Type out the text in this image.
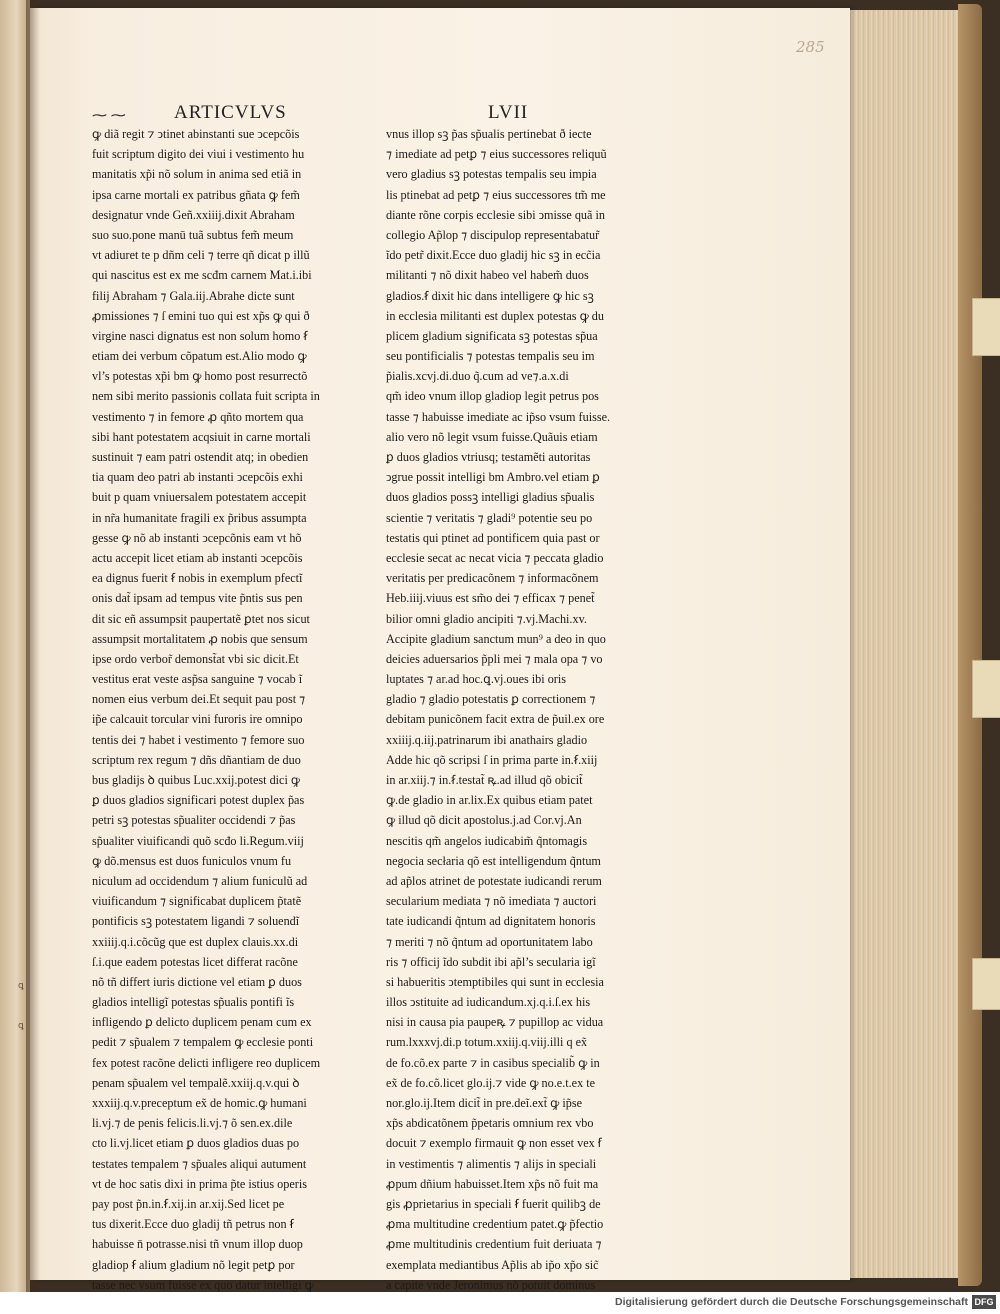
285
⁓ ⁓	ARTICVLVS	LVII
ꝙ diã regit ⁊ ↄtinet abinstanti sue ↄcepcõis
fuit scriptum digito dei viui i vestimento hu
manitatis xp̃i nõ solum in anima sed etiã in
ipsa carne mortali ex patribus gñata ꝙ fem̃
designatur vnde Geñ.xxiiij.dixit Abraham
suo suo.pone manū tuã subtus fem̃ meum
vt adiuret te p dñm celi ⁊ terre qñ dicat p illũ
qui nascitus est ex me scđm carnem Mat.i.ibi
filij Abraham ⁊ Gala.iij.Abrahe dicte sunt
ꝓmissiones ⁊ ſ emini tuo qui est xp̃s ꝙ qui ð
virgine nasci dignatus est non solum homo ẜ
etiam dei verbum cõpatum est.Alio modo ꝙ
vl’s potestas xp̃i bm ꝙ homo post resurrectõ
nem sibi merito passionis collata fuit scripta in
vestimento ⁊ in femore ꝓ qñto mortem qua
sibi hant potestatem acqsiuit in carne mortali
sustinuit ⁊ eam patri ostendit atq; in obedien
tia quam deo patri ab instanti ↄcepcõis exhi
buit p quam vniuersalem potestatem accepit
in nr̃a humanitate fragili ex p̃ribus assumpta
gesse ꝙ nõ ab instanti ↄcepcõnis eam vt hõ
actu accepit licet etiam ab instanti ↄcepcõis
ea dignus fuerit ẜ nobis in exemplum pfectĩ
onis dat̃ ipsam ad tempus vite p̃ntis sus pen
dit sic eñ assumpsit paupertatẽ ꝑtet nos sicut
assumpsit mortalitatem ꝓ nobis que sensum
ipse ordo verbor̃ demonst̃at vbi sic dicit.Et
vestitus erat veste asp̃sa sanguine ⁊ vocab ĩ
nomen eius verbum dei.Et sequit pau post ⁊
ip̃e calcauit torcular vini furoris ire omnipo
tentis dei ⁊ habet i vestimento ⁊ femore suo
scriptum rex regum ⁊ dñs dñantiam de duo
bus gladijs ꝺ quibus Luc.xxij.potest dici ꝙ
ꝑ duos gladios significari potest duplex p̃as
petri sꝫ potestas sp̃ualiter occidendi ⁊ p̃as
sp̃ualiter viuificandi quõ scđo li.Regum.viij
ꝙ dõ.mensus est duos funiculos vnum fu
niculum ad occidendum ⁊ alium funiculũ ad
viuificandum ⁊ significabat duplicem p̃tatẽ
pontificis sꝫ potestatem ligandi ⁊ soluendĩ
xxiiij.q.i.cõcũg que est duplex clauis.xx.di
ſ.i.que eadem potestas licet differat racõne
nõ tñ differt iuris dictione vel etiam ꝑ duos
gladios intelligĩ potestas sp̃ualis pontifi ĩs
infligendo ꝑ delicto duplicem penam cum ex
pedit ⁊ sp̃ualem ⁊ tempalem ꝙ ecclesie ponti
fex potest racõne delicti infligere reo duplicem
penam sp̃ualem vel tempalẽ.xxiij.q.v.qui ꝺ
xxxiij.q.v.preceptum ex̃ de homic.ꝙ humani
li.vj.⁊ de penis felicis.li.vj.⁊ õ sen.ex.dile
cto li.vj.licet etiam ꝑ duos gladios duas po
testates tempalem ⁊ sp̃uales aliqui autument
vt de hoc satis dixi in prima p̃te istius operis
pay post p̃n.in.ẜ.xij.in ar.xij.Sed licet pe
tus dixerit.Ecce duo gladij tñ petrus non ẜ
habuisse n̄ potrasse.nisi tñ vnum illop duop
gladiop ẜ alium gladium nõ legit petꝑ por
tasse nec vsum fuisse ex quo datur intelligi ꝙ
vnus illop sꝫ p̃as sp̃ualis pertinebat ð iecte
⁊ imediate ad petꝑ ⁊ eius successores reliquũ
vero gladius sꝫ potestas tempalis seu impia
lis ptinebat ad petꝑ ⁊ eius successores tm̃ me
diante rõne corpis ecclesie sibi ↄmisse quã in
collegio Ap̃lop ⁊ discipulop representabatur̃
ĩdo petr̃ dixit.Ecce duo gladij hic sꝫ in ecc̃ia
militanti ⁊ nõ dixit habeo vel habem̃ duos
gladios.ẜ dixit hic dans intelligere ꝙ hic sꝫ
in ecclesia militanti est duplex potestas ꝙ du
plicem gladium significata sꝫ potestas sp̃ua
seu pontificialis ⁊ potestas tempalis seu im
p̃ialis.xcvj.di.duo q̃.cum ad ve⁊.a.x.di
qm̃ ideo vnum illop gladiop legit petrus pos
tasse ⁊ habuisse imediate ac ip̃so vsum fuisse.
alio vero nõ legit vsum fuisse.Quãuis etiam
ꝑ duos gladios vtriusq; testamẽti autoritas
ↄgrue possit intelligi bm Ambro.vel etiam ꝑ
duos gladios possꝫ intelligi gladius sp̃ualis
scientie ⁊ veritatis ⁊ gladi⁹ potentie seu po
testatis qui ptinet ad pontificem quia past or
ecclesie secat ac necat vicia ⁊ peccata gladio
veritatis per predicacõnem ⁊ informacõnem
Heb.iiij.viuus est sm̃o dei ⁊ efficax ⁊ penet̃
bilior omni gladio ancipiti ⁊.vj.Machi.xv.
Accipite gladium sanctum mun⁹ a deo in quo
deicies aduersarios p̃pli mei ⁊ mala opa ⁊ vo
luptates ⁊ ar.ad hoc.ꝗ.vj.oues ibi oris
gladio ⁊ gladio potestatis ꝑ correctionem ⁊
debitam punicõnem facit extra de p̃uil.ex ore
xxiiij.q.iij.patrinarum ibi anathairs gladio
Adde hic qõ scripsi ſ in prima parte in.ẜ.xiij
in ar.xiij.⁊ in.ẜ.testat̃ ꝶ.ad illud qõ obicit̃
ꝙ.de gladio in ar.lix.Ex quibus etiam patet
ꝙ illud qõ dicit apostolus.j.ad Cor.vj.An
nescitis qm̃ angelos iudicabim̃ q̃ntomagis
negocia secłaria qõ est intelligendum q̃ntum
ad ap̃los atrinet de potestate iudicandi rerum
secularium mediata ⁊ nõ imediata ⁊ auctori
tate iudicandi q̃ntum ad dignitatem honoris
⁊ meriti ⁊ nõ q̃ntum ad oportunitatem labo
ris ⁊ officij ĩdo subdit ibi ap̃l’s secularia igĩ
si habueritis ↄtemptibiles qui sunt in ecclesia
illos ↄstituite ad iudicandum.xj.q.i.ſ.ex his
nisi in causa pia paupeꝶ ⁊ pupillop ac vidua
rum.lxxxvj.di.p totum.xxiij.q.viij.illi q ex̃
de fo.cõ.ex parte ⁊ in casibus specialib̃ ꝙ in
ex̃ de fo.cõ.licet glo.ij.⁊ vide ꝙ no.e.t.ex te
nor.glo.ij.Item dicit̃ in pre.deĩ.ext̃ ꝙ ip̃se
xp̃s abdicatõnem p̃petaris omnium rex vbo
docuit ⁊ exemplo firmauit ꝙ non esset vex ẜ
in vestimentis ⁊ alimentis ⁊ alijs in speciali
ꝓpum dñium habuisset.Item xp̃s nõ fuit ma
gis ꝓprietarius in speciali ẜ fuerit quilibꝫ de
ꝓma multitudine credentium patet.ꝙ p̃fectio
ꝓme multitudinis credentium fuit deriuata ⁊
exemplata mediantibus Ap̃lis ab ip̃o xp̃o sic̃
a capite vnde Jeronimus nõ potuit dominus
ꝗ
ꝗ
Digitalisierung gefördert durch die Deutsche Forschungsgemeinschaft DFG
